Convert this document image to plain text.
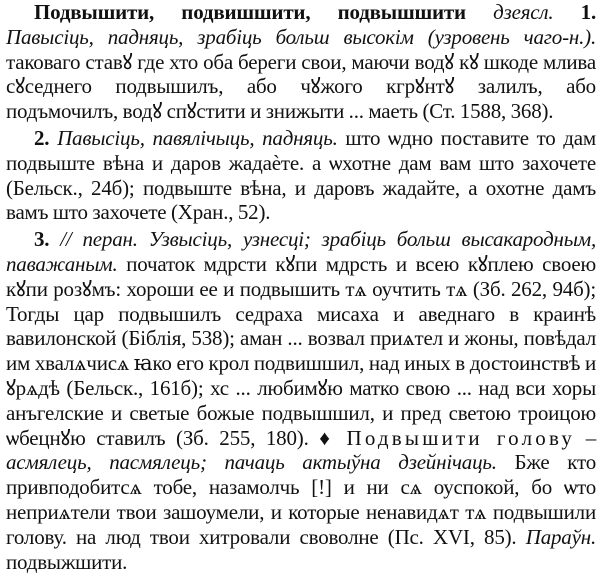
Подвышити, подвишшити, подвышшити дзеясл. 1. Павысіць, падняць, зрабіць больш высокім (узровень чаго-н.). таковаго ставꙋ где хто оба береги свои, маючи водꙋ кꙋ шкоде млива сꙋседнего подвышилъ, або чꙋжого кгрꙋнтꙋ залилъ, або подъмочилъ, водꙋ спꙋстити и знижыти ... маеть (Ст. 1588, 368).

2. Павысіць, павялічыць, падняць. што ѡдно поставите то дам подвыште вѣна и даров жадаѐте. а ѡхотне дам вам што захочете (Бельск., 24б); подвыште вѣна, и даровъ жадайте, а охотне дамъ вамъ што захочете (Хран., 52).

3. // перан. Узвысіць, узнесці; зрабіць больш высакародным, паважаным. початок мдрсти кꙋпи мдрсть и всею кꙋплею своею кꙋпи розꙋмъ: хороши ее и подвышить тѧ оучтить тѧ (Зб. 262, 94б); Тогды цар подвышилъ седраха мисаха и аведнаго в краинѣ вавилонской (Біблія, 538); аман ... возвал приѧтел и жоны, повѣдал им хвалѧчисѧ ꙗко его крол подвишшил, над иных в достоинствѣ и ꙋрѧдѣ (Бельск., 161б); хс ... любимꙋю матко свою ... над вси хоры анъгелские и светые божые подвышшил, и пред светою троицою ѡбецнꙋю ставилъ (Зб. 255, 180). ♦ Подвышити голову – асмялець, пасмялець; пачаць актыўна дзейнічаць. Бже кто привподобитсѧ тобе, назамолчь [!] и ни сѧ оуспокой, бо ѡто неприѧтели твои зашоумели, и которые ненавидѧт тѧ подвышили голову. на люд твои хитровали своволне (Пс. XVI, 85). Параўн. подвыжшити.
